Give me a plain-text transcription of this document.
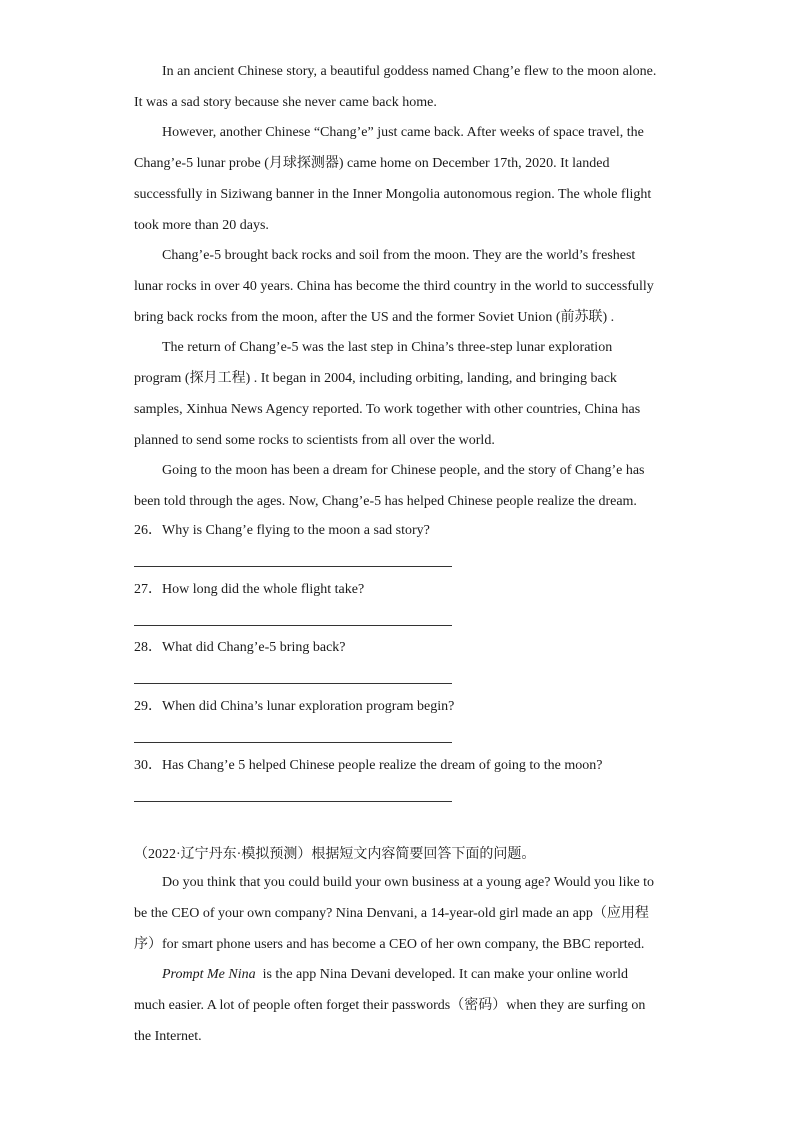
In an ancient Chinese story, a beautiful goddess named Chang’e flew to the moon alone.
It was a sad story because she never came back home.
However, another Chinese “Chang’e” just came back. After weeks of space travel, the
Chang’e-5 lunar probe (月球探测器) came home on December 17th, 2020. It landed
successfully in Siziwang banner in the Inner Mongolia autonomous region. The whole flight
took more than 20 days.
Chang’e-5 brought back rocks and soil from the moon. They are the world’s freshest
lunar rocks in over 40 years. China has become the third country in the world to successfully
bring back rocks from the moon, after the US and the former Soviet Union (前苏联) .
The return of Chang’e-5 was the last step in China’s three-step lunar exploration
program (探月工程) . It began in 2004, including orbiting, landing, and bringing back
samples, Xinhua News Agency reported. To work together with other countries, China has
planned to send some rocks to scientists from all over the world.
Going to the moon has been a dream for Chinese people, and the story of Chang’e has
been told through the ages. Now, Chang’e-5 has helped Chinese people realize the dream.
26．Why is Chang’e flying to the moon a sad story?
27．How long did the whole flight take?
28．What did Chang’e-5 bring back?
29．When did China’s lunar exploration program begin?
30．Has Chang’e 5 helped Chinese people realize the dream of going to the moon?
（2022·辽宁丹东·模拟预测）根据短文内容简要回答下面的问题。
Do you think that you could build your own business at a young age? Would you like to
be the CEO of your own company? Nina Denvani, a 14-year-old girl made an app（应用程
序）for smart phone users and has become a CEO of her own company, the BBC reported.
Prompt Me Nina is the app Nina Devani developed. It can make your online world
much easier. A lot of people often forget their passwords（密码）when they are surfing on
the Internet.
